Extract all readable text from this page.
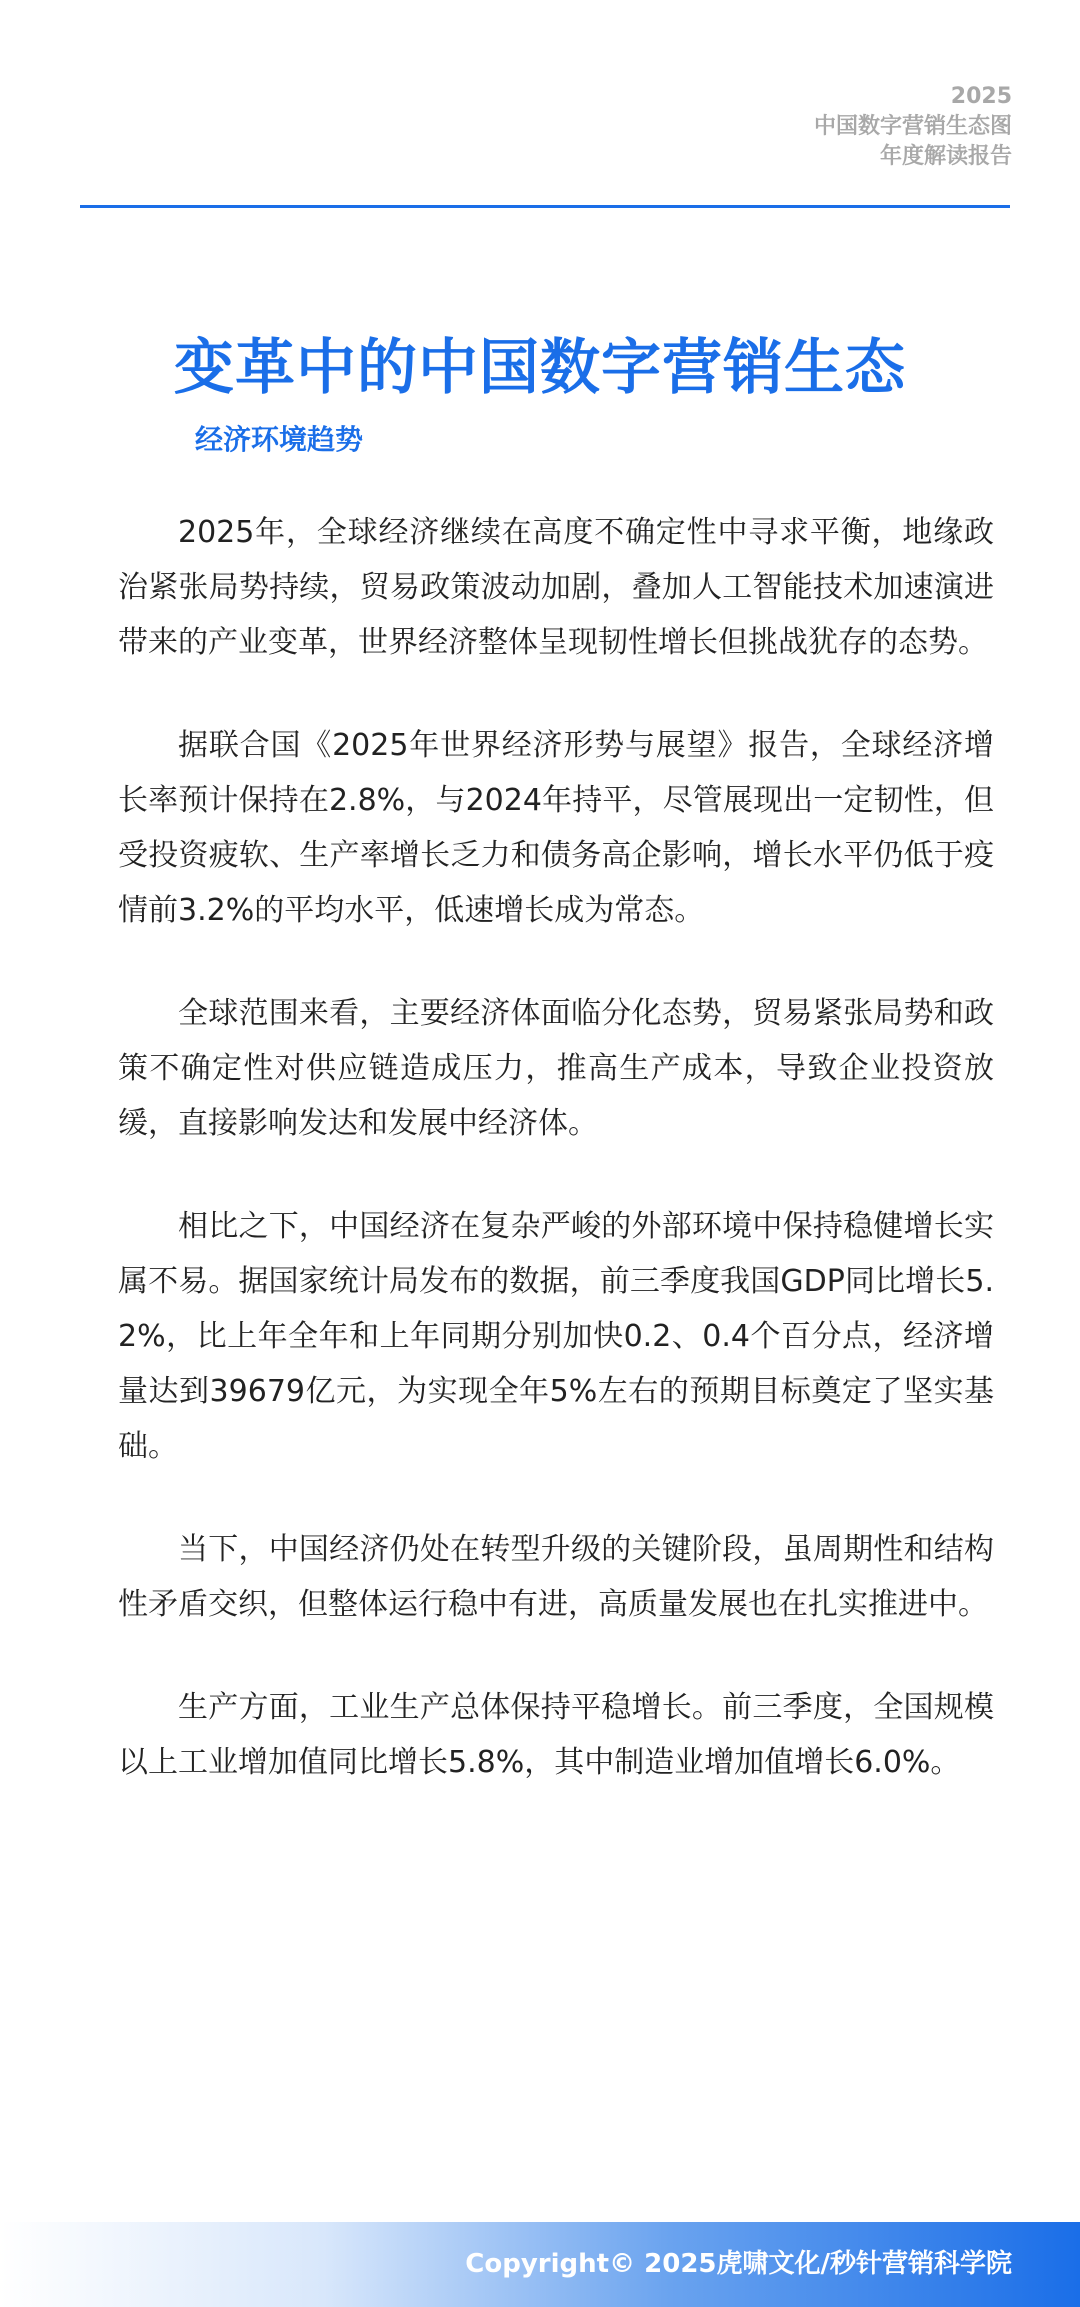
2025
中国数字营销生态图
年度解读报告
变革中的中国数字营销生态
经济环境趋势

2025年，全球经济继续在高度不确定性中寻求平衡，地缘政治紧张局势持续，贸易政策波动加剧，叠加人工智能技术加速演进带来的产业变革，世界经济整体呈现韧性增长但挑战犹存的态势。

据联合国《2025年世界经济形势与展望》报告，全球经济增长率预计保持在2.8%，与2024年持平，尽管展现出一定韧性，但受投资疲软、生产率增长乏力和债务高企影响，增长水平仍低于疫情前3.2%的平均水平，低速增长成为常态。

全球范围来看，主要经济体面临分化态势，贸易紧张局势和政策不确定性对供应链造成压力，推高生产成本，导致企业投资放缓，直接影响发达和发展中经济体。

相比之下，中国经济在复杂严峻的外部环境中保持稳健增长实属不易。据国家统计局发布的数据，前三季度我国GDP同比增长5.2%，比上年全年和上年同期分别加快0.2、0.4个百分点，经济增量达到39679亿元，为实现全年5%左右的预期目标奠定了坚实基础。

当下，中国经济仍处在转型升级的关键阶段，虽周期性和结构性矛盾交织，但整体运行稳中有进，高质量发展也在扎实推进中。

生产方面，工业生产总体保持平稳增长。前三季度，全国规模以上工业增加值同比增长5.8%，其中制造业增加值增长6.0%。

Copyright© 2025虎啸文化/秒针营销科学院
